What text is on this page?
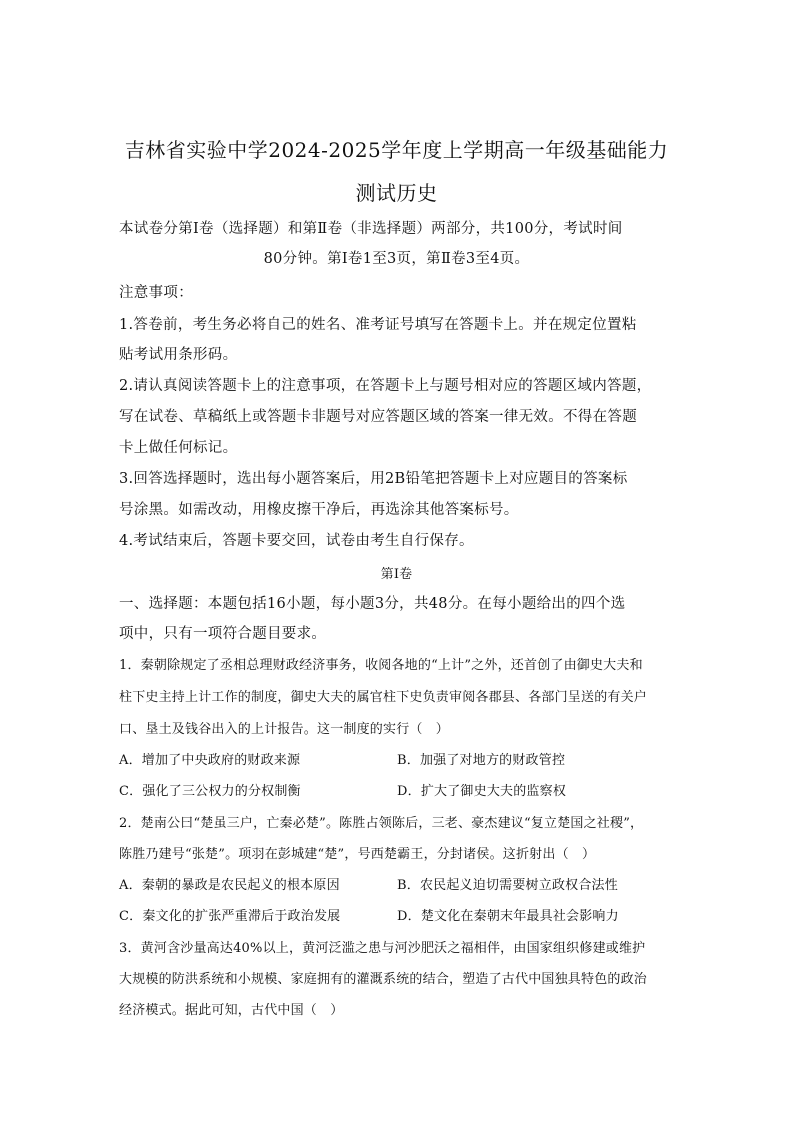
吉林省实验中学2024-2025学年度上学期高一年级基础能力
测试历史
本试卷分第Ⅰ卷（选择题）和第Ⅱ卷（非选择题）两部分，共100分，考试时间
80分钟。第Ⅰ卷1至3页，第Ⅱ卷3至4页。
注意事项：
1.答卷前，考生务必将自己的姓名、准考证号填写在答题卡上。并在规定位置粘
贴考试用条形码。
2.请认真阅读答题卡上的注意事项，在答题卡上与题号相对应的答题区域内答题，
写在试卷、草稿纸上或答题卡非题号对应答题区域的答案一律无效。不得在答题
卡上做任何标记。
3.回答选择题时，选出每小题答案后，用2B铅笔把答题卡上对应题目的答案标
号涂黑。如需改动，用橡皮擦干净后，再选涂其他答案标号。
4.考试结束后，答题卡要交回，试卷由考生自行保存。
第Ⅰ卷
一、选择题：本题包括16小题，每小题3分，共48分。在每小题给出的四个选
项中，只有一项符合题目要求。
1．秦朝除规定了丞相总理财政经济事务，收阅各地的“上计”之外，还首创了由御史大夫和
柱下史主持上计工作的制度，御史大夫的属官柱下史负责审阅各郡县、各部门呈送的有关户
口、垦土及钱谷出入的上计报告。这一制度的实行（　）
A．增加了中央政府的财政来源	B．加强了对地方的财政管控
C．强化了三公权力的分权制衡	D．扩大了御史大夫的监察权
2．楚南公曰“楚虽三户，亡秦必楚”。陈胜占领陈后，三老、豪杰建议“复立楚国之社稷”，
陈胜乃建号“张楚”。项羽在彭城建“楚”，号西楚霸王，分封诸侯。这折射出（　）
A．秦朝的暴政是农民起义的根本原因	B．农民起义迫切需要树立政权合法性
C．秦文化的扩张严重滞后于政治发展	D．楚文化在秦朝末年最具社会影响力
3．黄河含沙量高达40%以上，黄河泛滥之患与河沙肥沃之福相伴，由国家组织修建或维护
大规模的防洪系统和小规模、家庭拥有的灌溉系统的结合，塑造了古代中国独具特色的政治
经济模式。据此可知，古代中国（　）
